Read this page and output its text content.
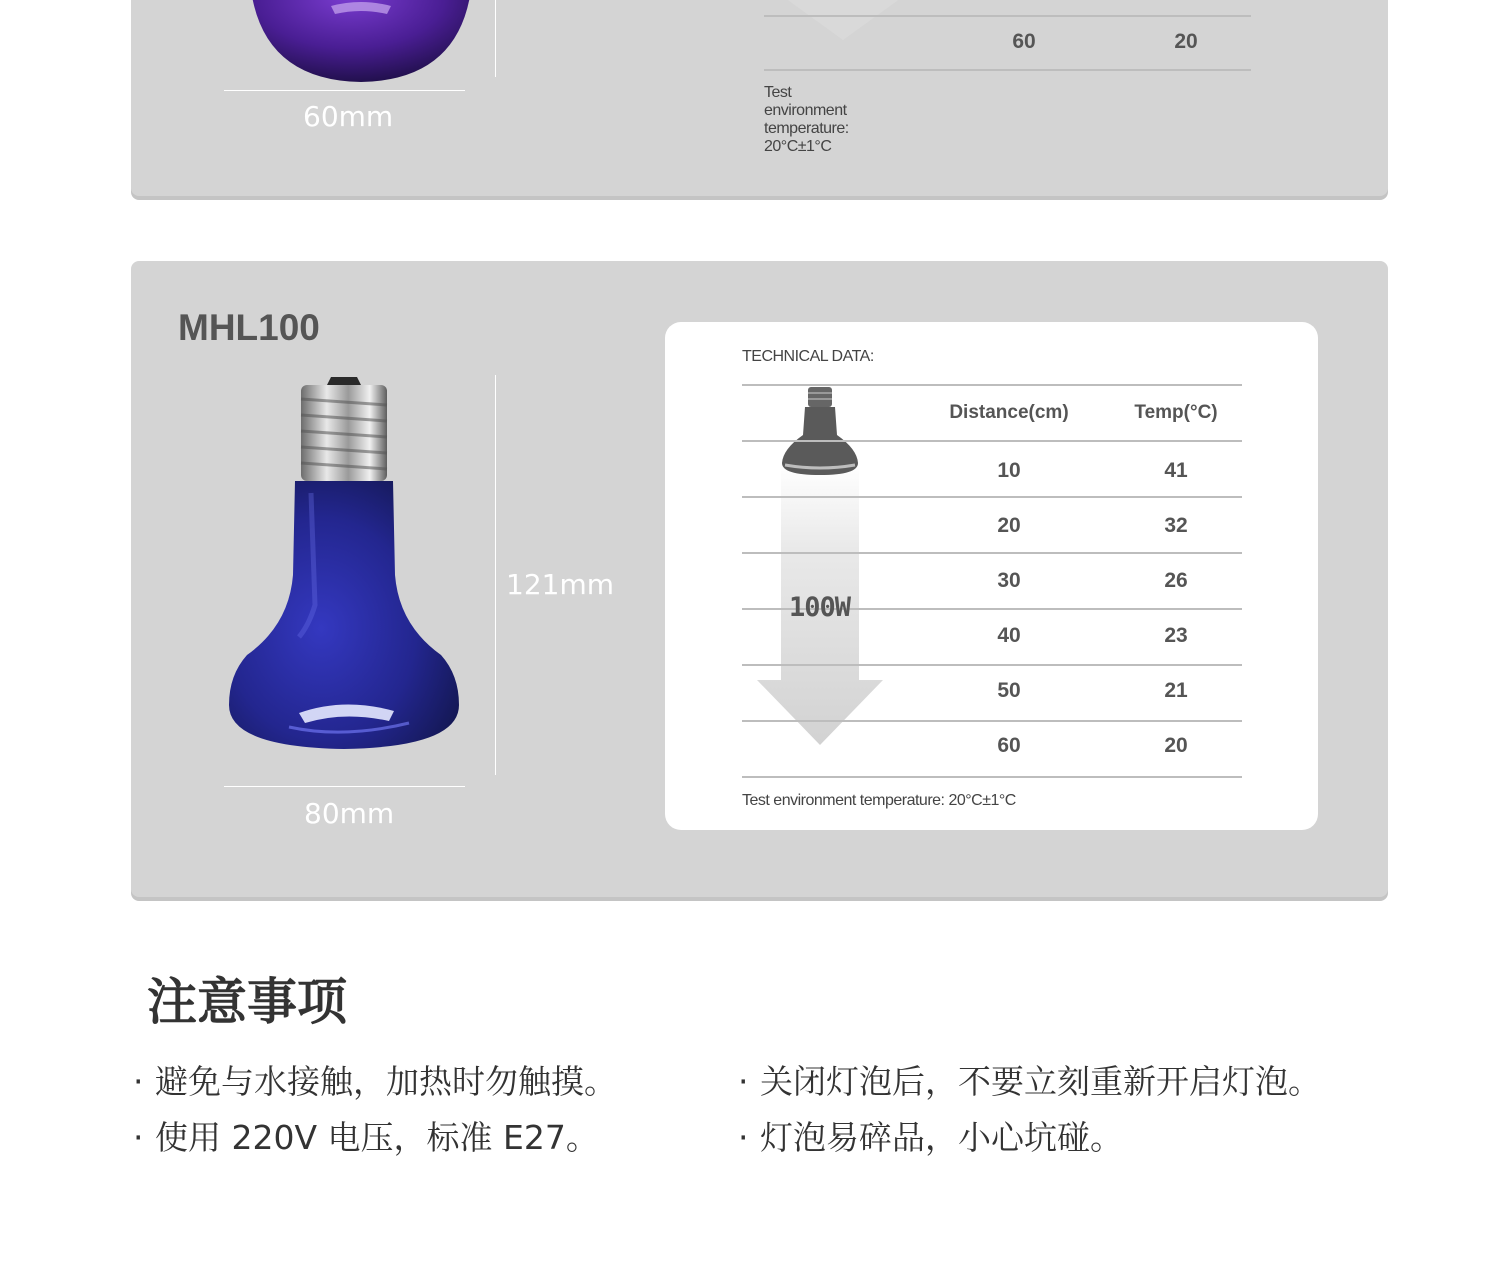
60mm
60	20
Test environment temperature: 20°C±1°C
MHL100
121mm
80mm
TECHNICAL DATA:
Distance(cm)	Temp(°C)
100W
10	41
20	32
30	26
40	23
50	21
60	20
Test environment temperature: 20°C±1°C
注意事项
· 避免与水接触，加热时勿触摸。	· 关闭灯泡后，不要立刻重新开启灯泡。
· 使用 220V 电压，标准 E27。	· 灯泡易碎品，小心坑碰。
